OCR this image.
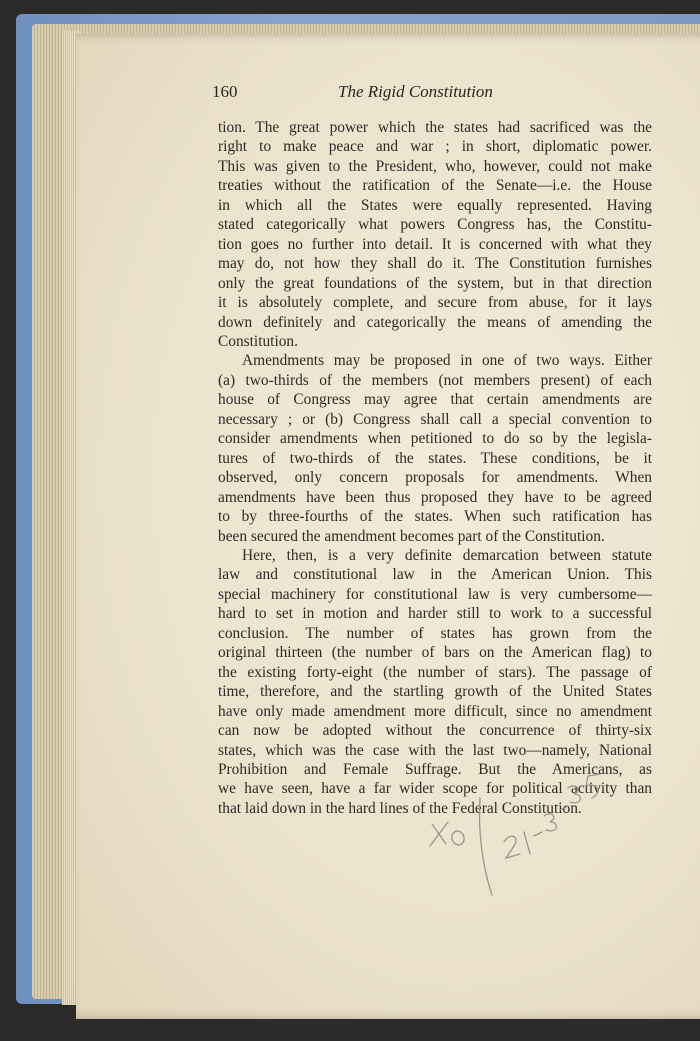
160	The Rigid Constitution
tion. The great power which the states had sacrificed was the
right to make peace and war ; in short, diplomatic power.
This was given to the President, who, however, could not make
treaties without the ratification of the Senate—i.e. the House
in which all the States were equally represented. Having
stated categorically what powers Congress has, the Constitu-
tion goes no further into detail. It is concerned with what they
may do, not how they shall do it. The Constitution furnishes
only the great foundations of the system, but in that direction
it is absolutely complete, and secure from abuse, for it lays
down definitely and categorically the means of amending the
Constitution.
Amendments may be proposed in one of two ways. Either
(a) two-thirds of the members (not members present) of each
house of Congress may agree that certain amendments are
necessary ; or (b) Congress shall call a special convention to
consider amendments when petitioned to do so by the legisla-
tures of two-thirds of the states. These conditions, be it
observed, only concern proposals for amendments. When
amendments have been thus proposed they have to be agreed
to by three-fourths of the states. When such ratification has
been secured the amendment becomes part of the Constitution.
Here, then, is a very definite demarcation between statute
law and constitutional law in the American Union. This
special machinery for constitutional law is very cumbersome—
hard to set in motion and harder still to work to a successful
conclusion. The number of states has grown from the
original thirteen (the number of bars on the American flag) to
the existing forty-eight (the number of stars). The passage of
time, therefore, and the startling growth of the United States
have only made amendment more difficult, since no amendment
can now be adopted without the concurrence of thirty-six
states, which was the case with the last two—namely, National
Prohibition and Female Suffrage. But the Americans, as
we have seen, have a far wider scope for political activity than
that laid down in the hard lines of the Federal Constitution.
